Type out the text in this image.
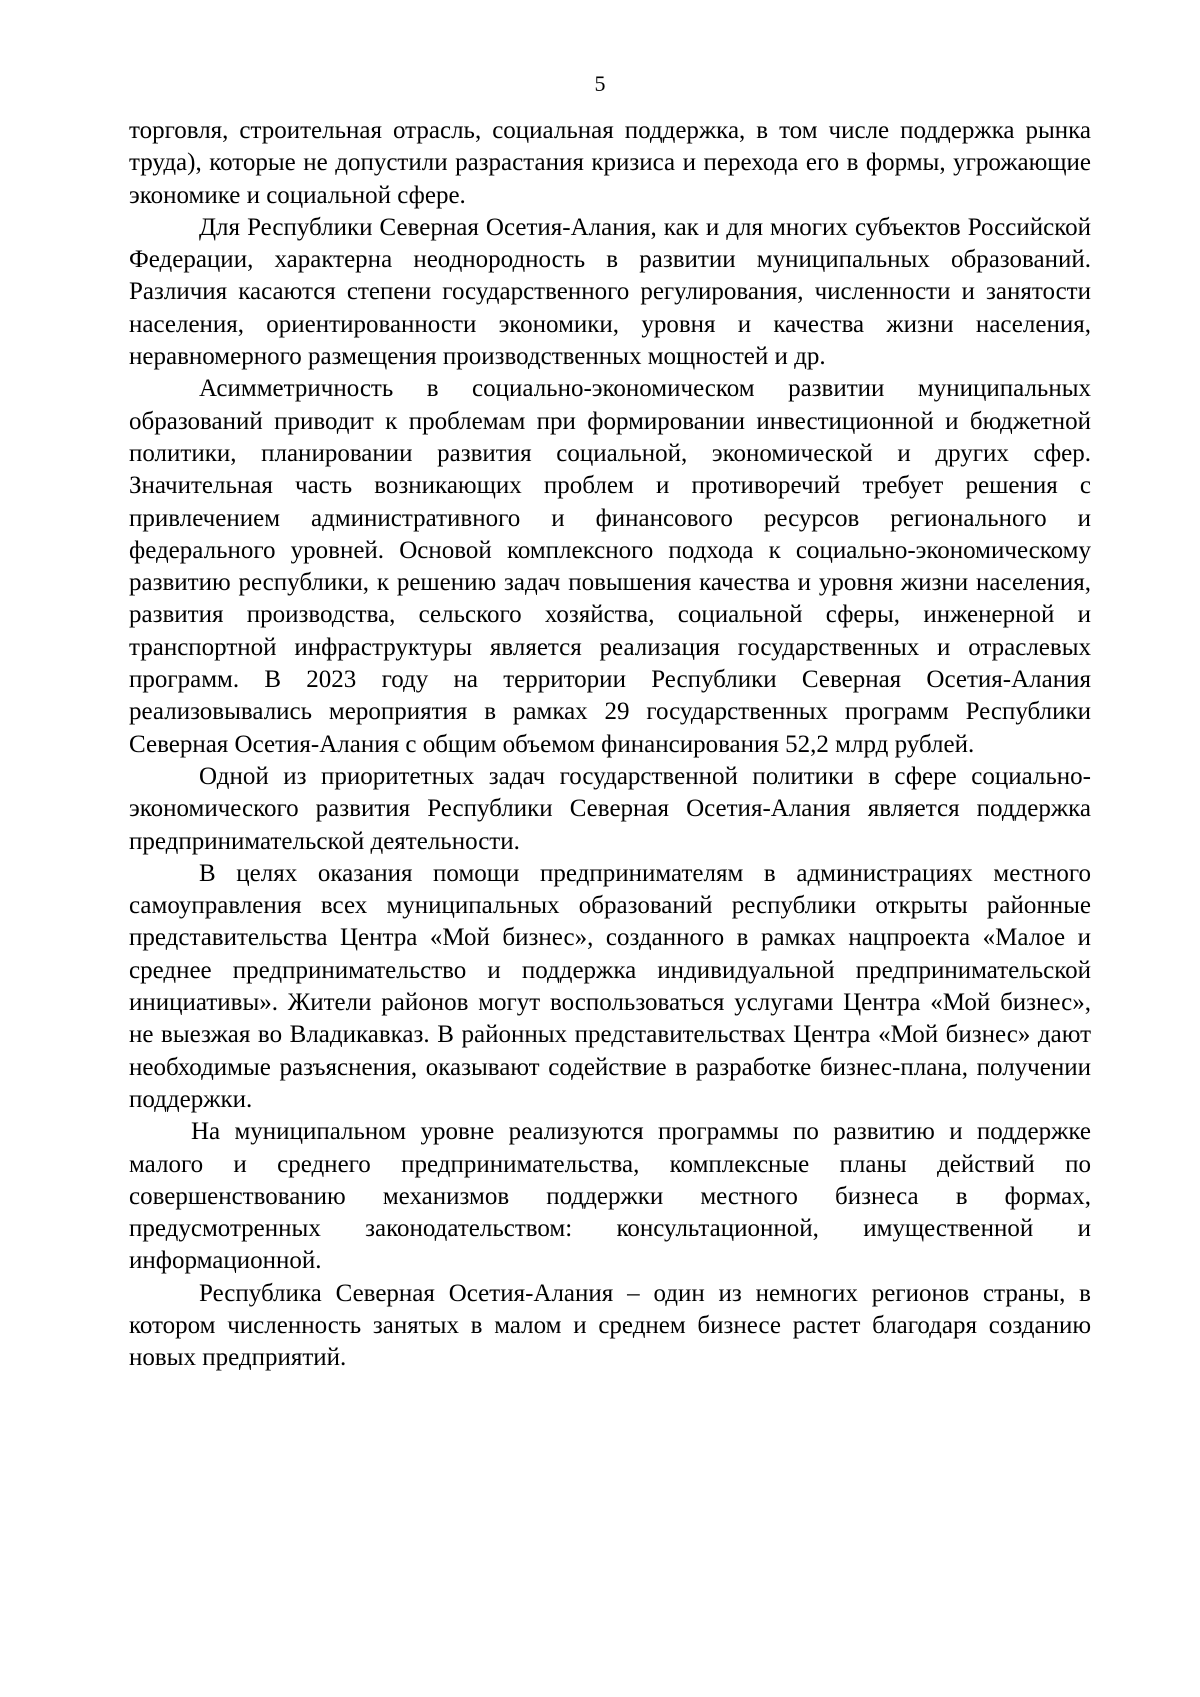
5

торговля, строительная отрасль, социальная поддержка, в том числе поддержка рынка труда), которые не допустили разрастания кризиса и перехода его в формы, угрожающие экономике и социальной сфере.

Для Республики Северная Осетия-Алания, как и для многих субъектов Российской Федерации, характерна неоднородность в развитии муниципальных образований. Различия касаются степени государственного регулирования, численности и занятости населения, ориентированности экономики, уровня и качества жизни населения, неравномерного размещения производственных мощностей и др.

Асимметричность в социально-экономическом развитии муниципальных образований приводит к проблемам при формировании инвестиционной и бюджетной политики, планировании развития социальной, экономической и других сфер. Значительная часть возникающих проблем и противоречий требует решения с привлечением административного и финансового ресурсов регионального и федерального уровней. Основой комплексного подхода к социально-экономическому развитию республики, к решению задач повышения качества и уровня жизни населения, развития производства, сельского хозяйства, социальной сферы, инженерной и транспортной инфраструктуры является реализация государственных и отраслевых программ. В 2023 году на территории Республики Северная Осетия-Алания реализовывались мероприятия в рамках 29 государственных программ Республики Северная Осетия-Алания с общим объемом финансирования 52,2 млрд рублей.

Одной из приоритетных задач государственной политики в сфере социально-экономического развития Республики Северная Осетия-Алания является поддержка предпринимательской деятельности.

В целях оказания помощи предпринимателям в администрациях местного самоуправления всех муниципальных образований республики открыты районные представительства Центра «Мой бизнес», созданного в рамках нацпроекта «Малое и среднее предпринимательство и поддержка индивидуальной предпринимательской инициативы». Жители районов могут воспользоваться услугами Центра «Мой бизнес», не выезжая во Владикавказ. В районных представительствах Центра «Мой бизнес» дают необходимые разъяснения, оказывают содействие в разработке бизнес-плана, получении поддержки.

На муниципальном уровне реализуются программы по развитию и поддержке малого и среднего предпринимательства, комплексные планы действий по совершенствованию механизмов поддержки местного бизнеса в формах, предусмотренных законодательством: консультационной, имущественной и информационной.

Республика Северная Осетия-Алания – один из немногих регионов страны, в котором численность занятых в малом и среднем бизнесе растет благодаря созданию новых предприятий.
